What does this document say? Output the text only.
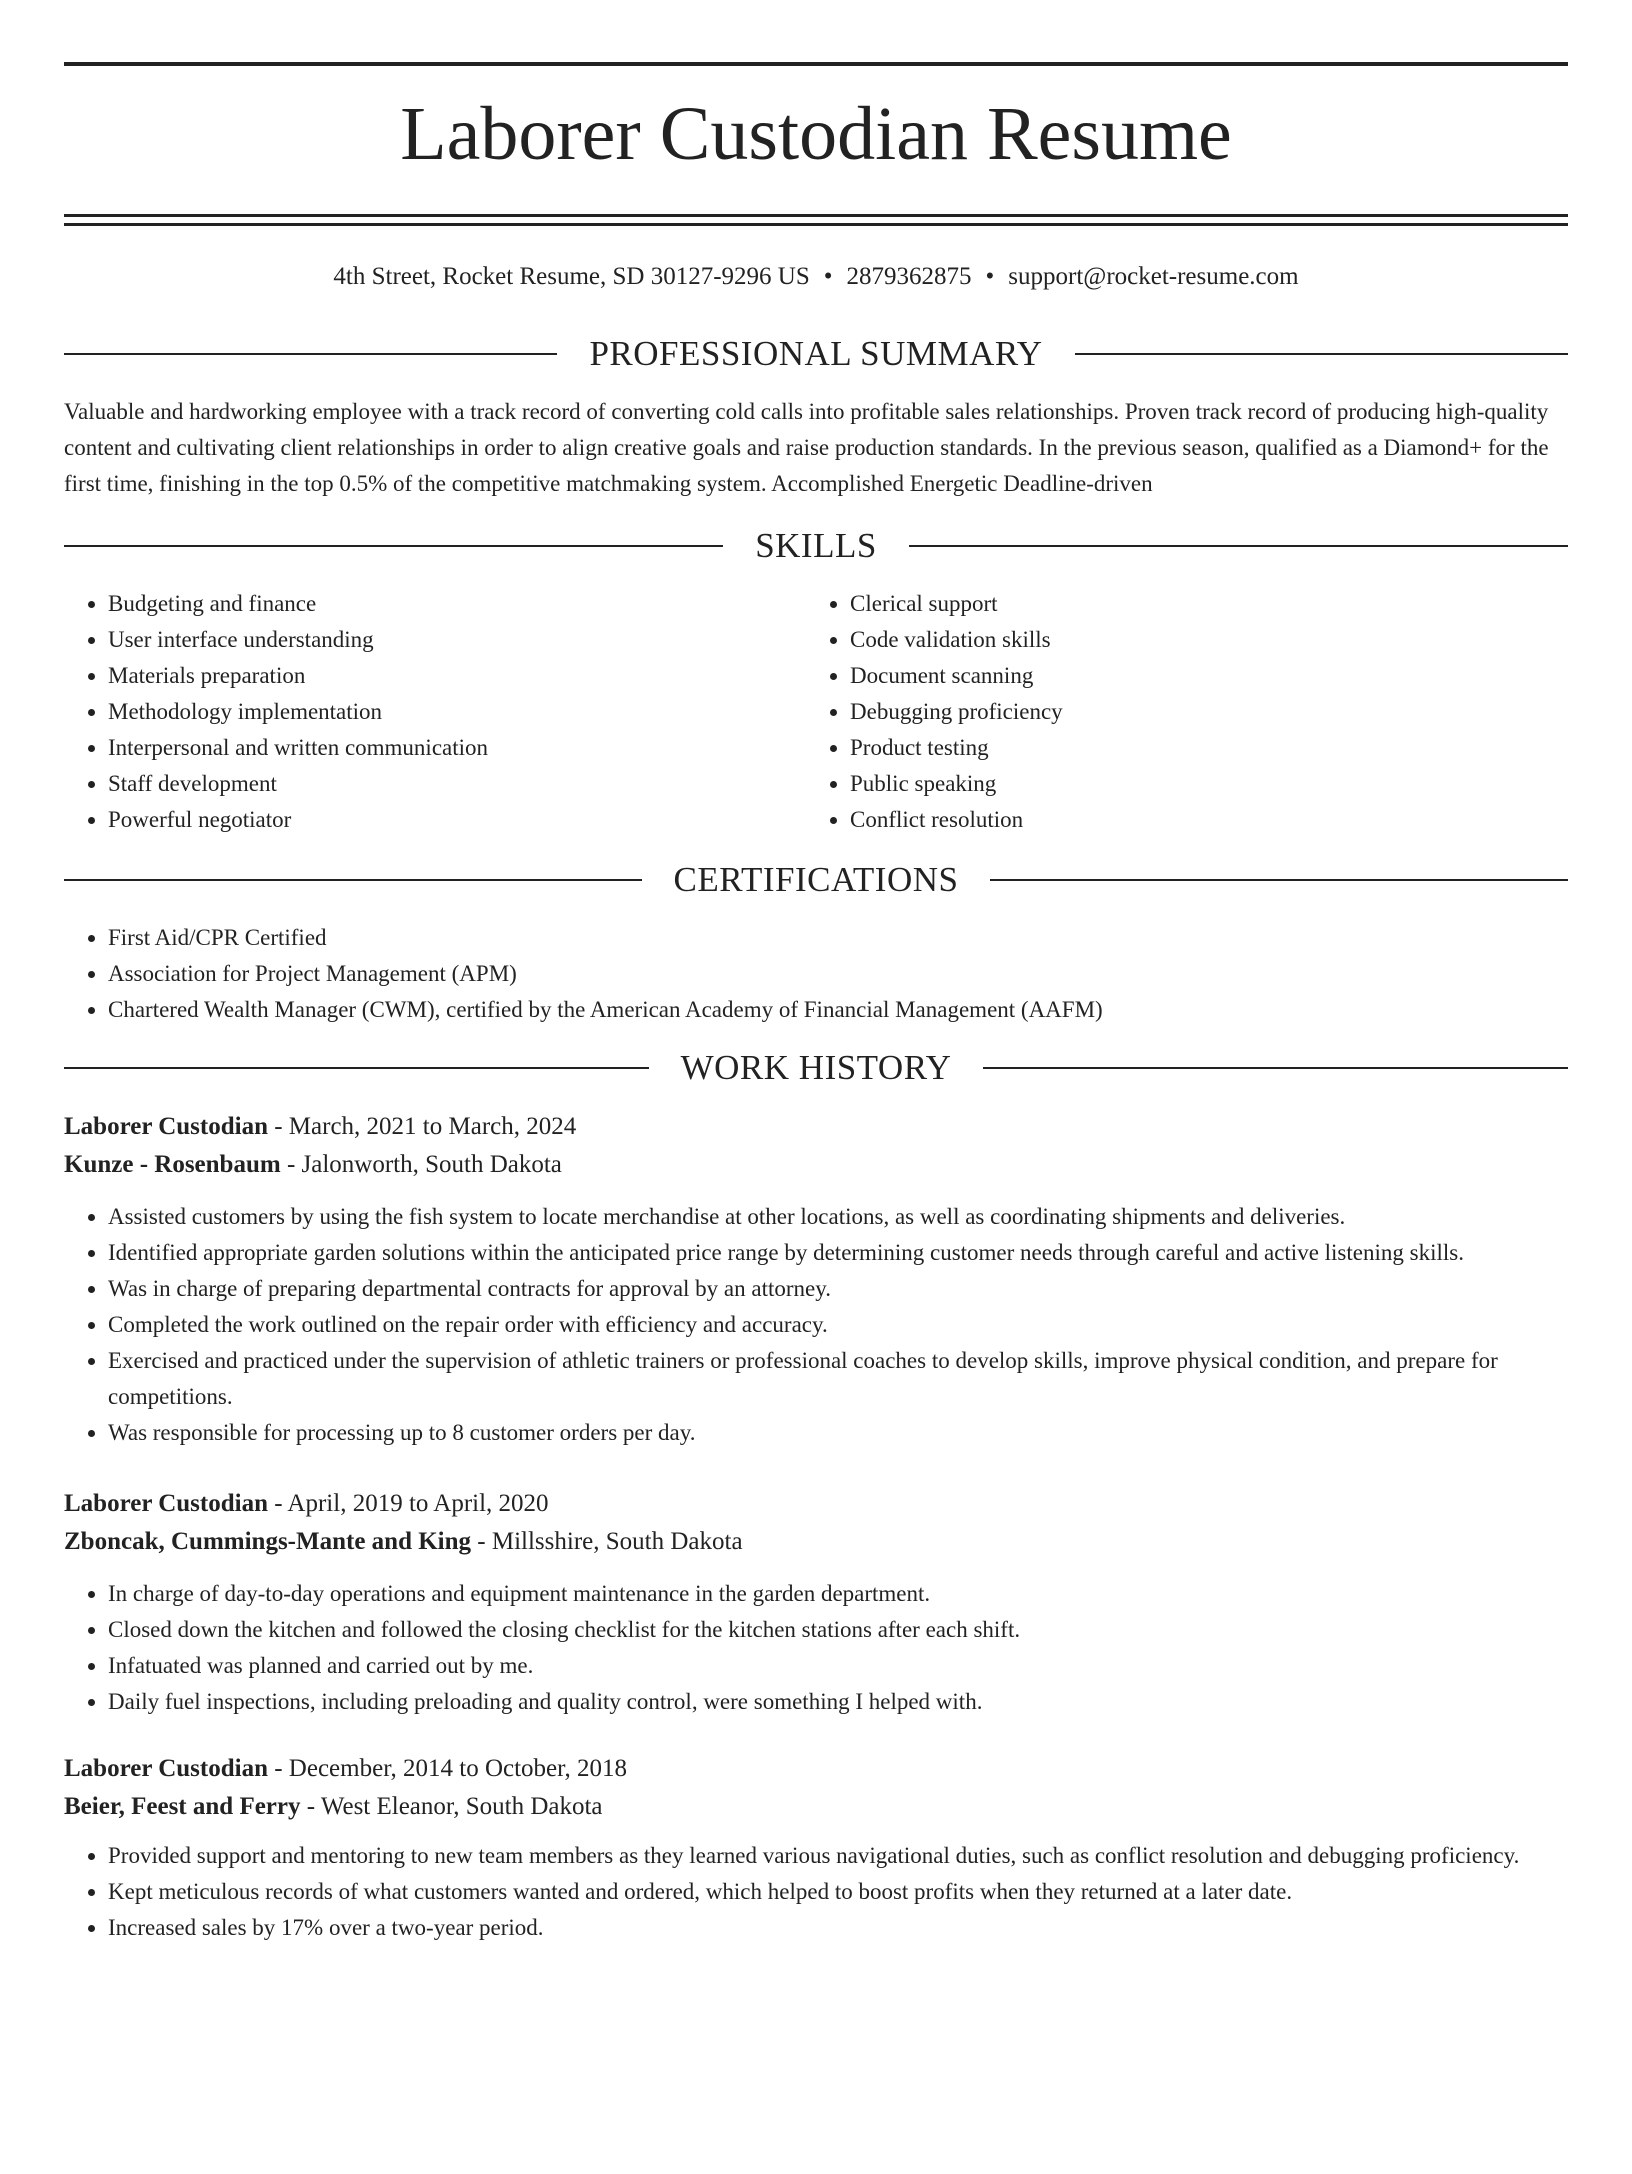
Laborer Custodian Resume
4th Street, Rocket Resume, SD 30127-9296 US • 2879362875 • support@rocket-resume.com
PROFESSIONAL SUMMARY

Valuable and hardworking employee with a track record of converting cold calls into profitable sales relationships. Proven track record of producing high-quality content and cultivating client relationships in order to align creative goals and raise production standards. In the previous season, qualified as a Diamond+ for the first time, finishing in the top 0.5% of the competitive matchmaking system. Accomplished Energetic Deadline-driven

SKILLS
• Budgeting and finance
• User interface understanding
• Materials preparation
• Methodology implementation
• Interpersonal and written communication
• Staff development
• Powerful negotiator
• Clerical support
• Code validation skills
• Document scanning
• Debugging proficiency
• Product testing
• Public speaking
• Conflict resolution
CERTIFICATIONS
• First Aid/CPR Certified
• Association for Project Management (APM)
• Chartered Wealth Manager (CWM), certified by the American Academy of Financial Management (AAFM)
WORK HISTORY
Laborer Custodian - March, 2021 to March, 2024
Kunze - Rosenbaum - Jalonworth, South Dakota
• Assisted customers by using the fish system to locate merchandise at other locations, as well as coordinating shipments and deliveries.
• Identified appropriate garden solutions within the anticipated price range by determining customer needs through careful and active listening skills.
• Was in charge of preparing departmental contracts for approval by an attorney.
• Completed the work outlined on the repair order with efficiency and accuracy.
• Exercised and practiced under the supervision of athletic trainers or professional coaches to develop skills, improve physical condition, and prepare for competitions.
• Was responsible for processing up to 8 customer orders per day.
Laborer Custodian - April, 2019 to April, 2020
Zboncak, Cummings-Mante and King - Millsshire, South Dakota
• In charge of day-to-day operations and equipment maintenance in the garden department.
• Closed down the kitchen and followed the closing checklist for the kitchen stations after each shift.
• Infatuated was planned and carried out by me.
• Daily fuel inspections, including preloading and quality control, were something I helped with.
Laborer Custodian - December, 2014 to October, 2018
Beier, Feest and Ferry - West Eleanor, South Dakota
• Provided support and mentoring to new team members as they learned various navigational duties, such as conflict resolution and debugging proficiency.
• Kept meticulous records of what customers wanted and ordered, which helped to boost profits when they returned at a later date.
• Increased sales by 17% over a two-year period.
